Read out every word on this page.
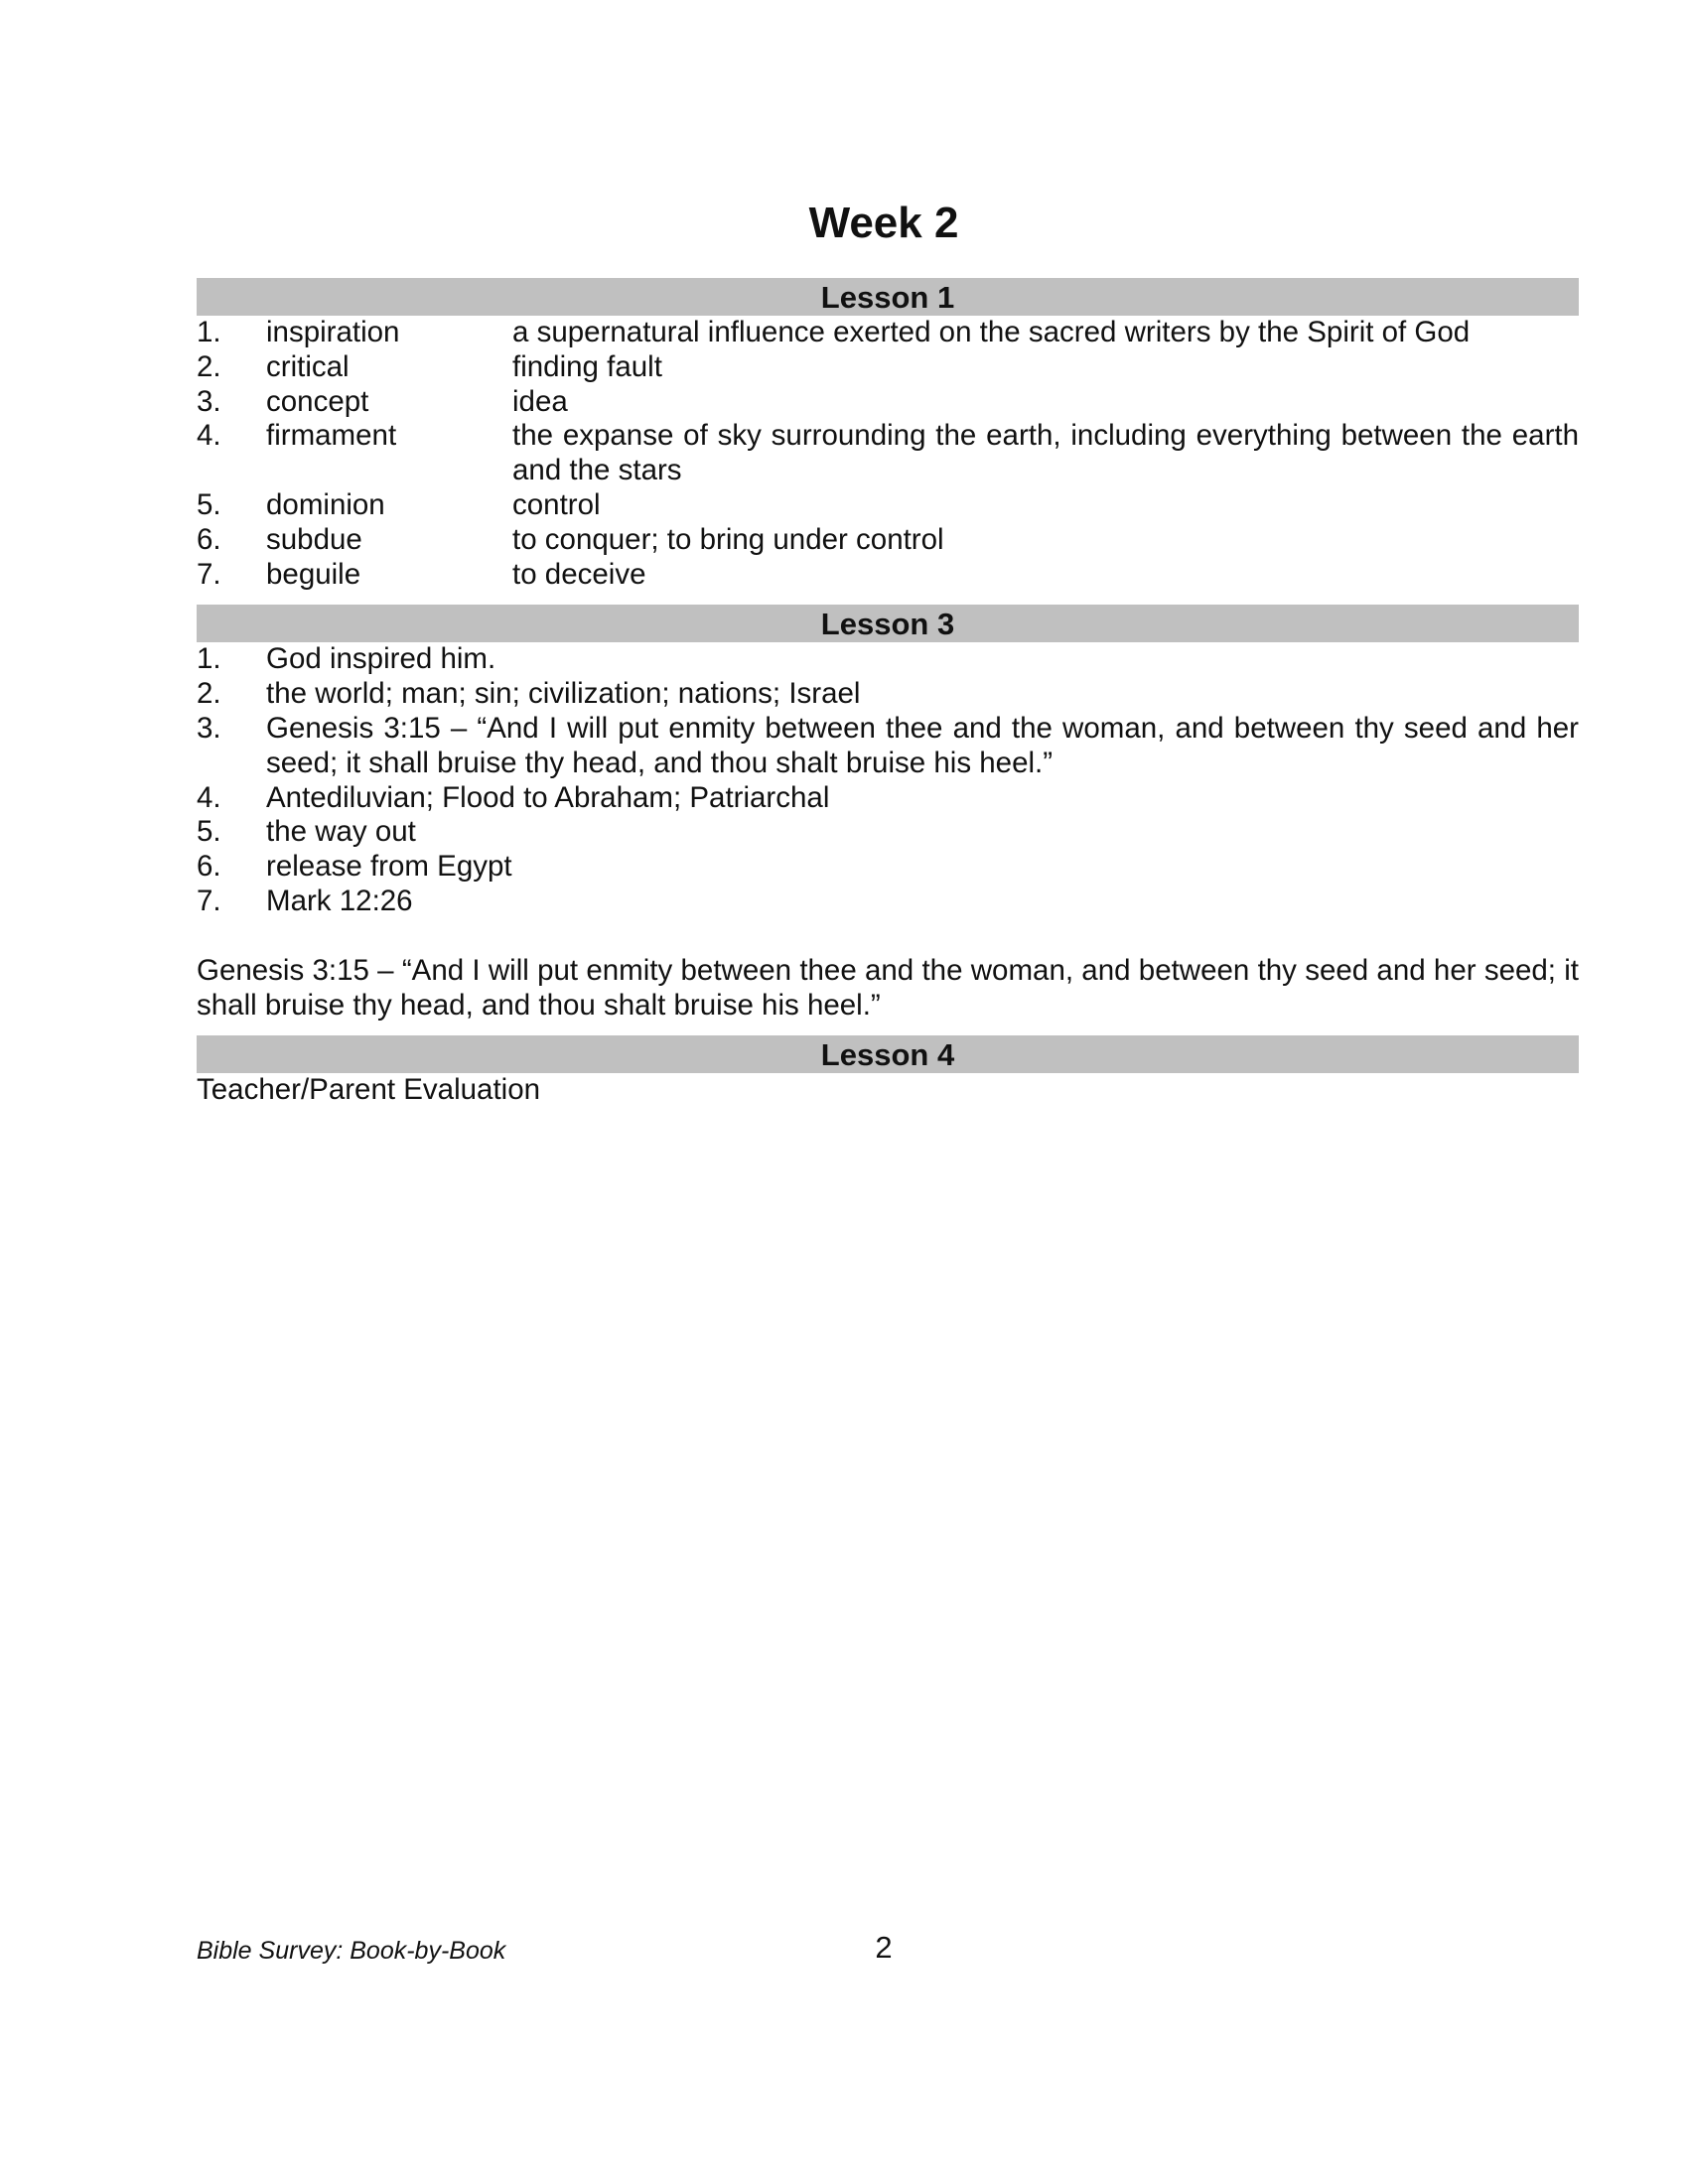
Week 2
Lesson 1
1.	inspiration	a supernatural influence exerted on the sacred writers by the Spirit of God
2.	critical	finding fault
3.	concept	idea
4.	firmament	the expanse of sky surrounding the earth, including everything between the earth and the stars
5.	dominion	control
6.	subdue	to conquer; to bring under control
7.	beguile	to deceive
Lesson 3
1.	God inspired him.
2.	the world; man; sin; civilization; nations; Israel
3.	Genesis 3:15 – “And I will put enmity between thee and the woman, and between thy seed and her seed; it shall bruise thy head, and thou shalt bruise his heel.”
4.	Antediluvian; Flood to Abraham; Patriarchal
5.	the way out
6.	release from Egypt
7.	Mark 12:26
Genesis 3:15 – “And I will put enmity between thee and the woman, and between thy seed and her seed; it shall bruise thy head, and thou shalt bruise his heel.”
Lesson 4
Teacher/Parent Evaluation
Bible Survey: Book-by-Book	2
